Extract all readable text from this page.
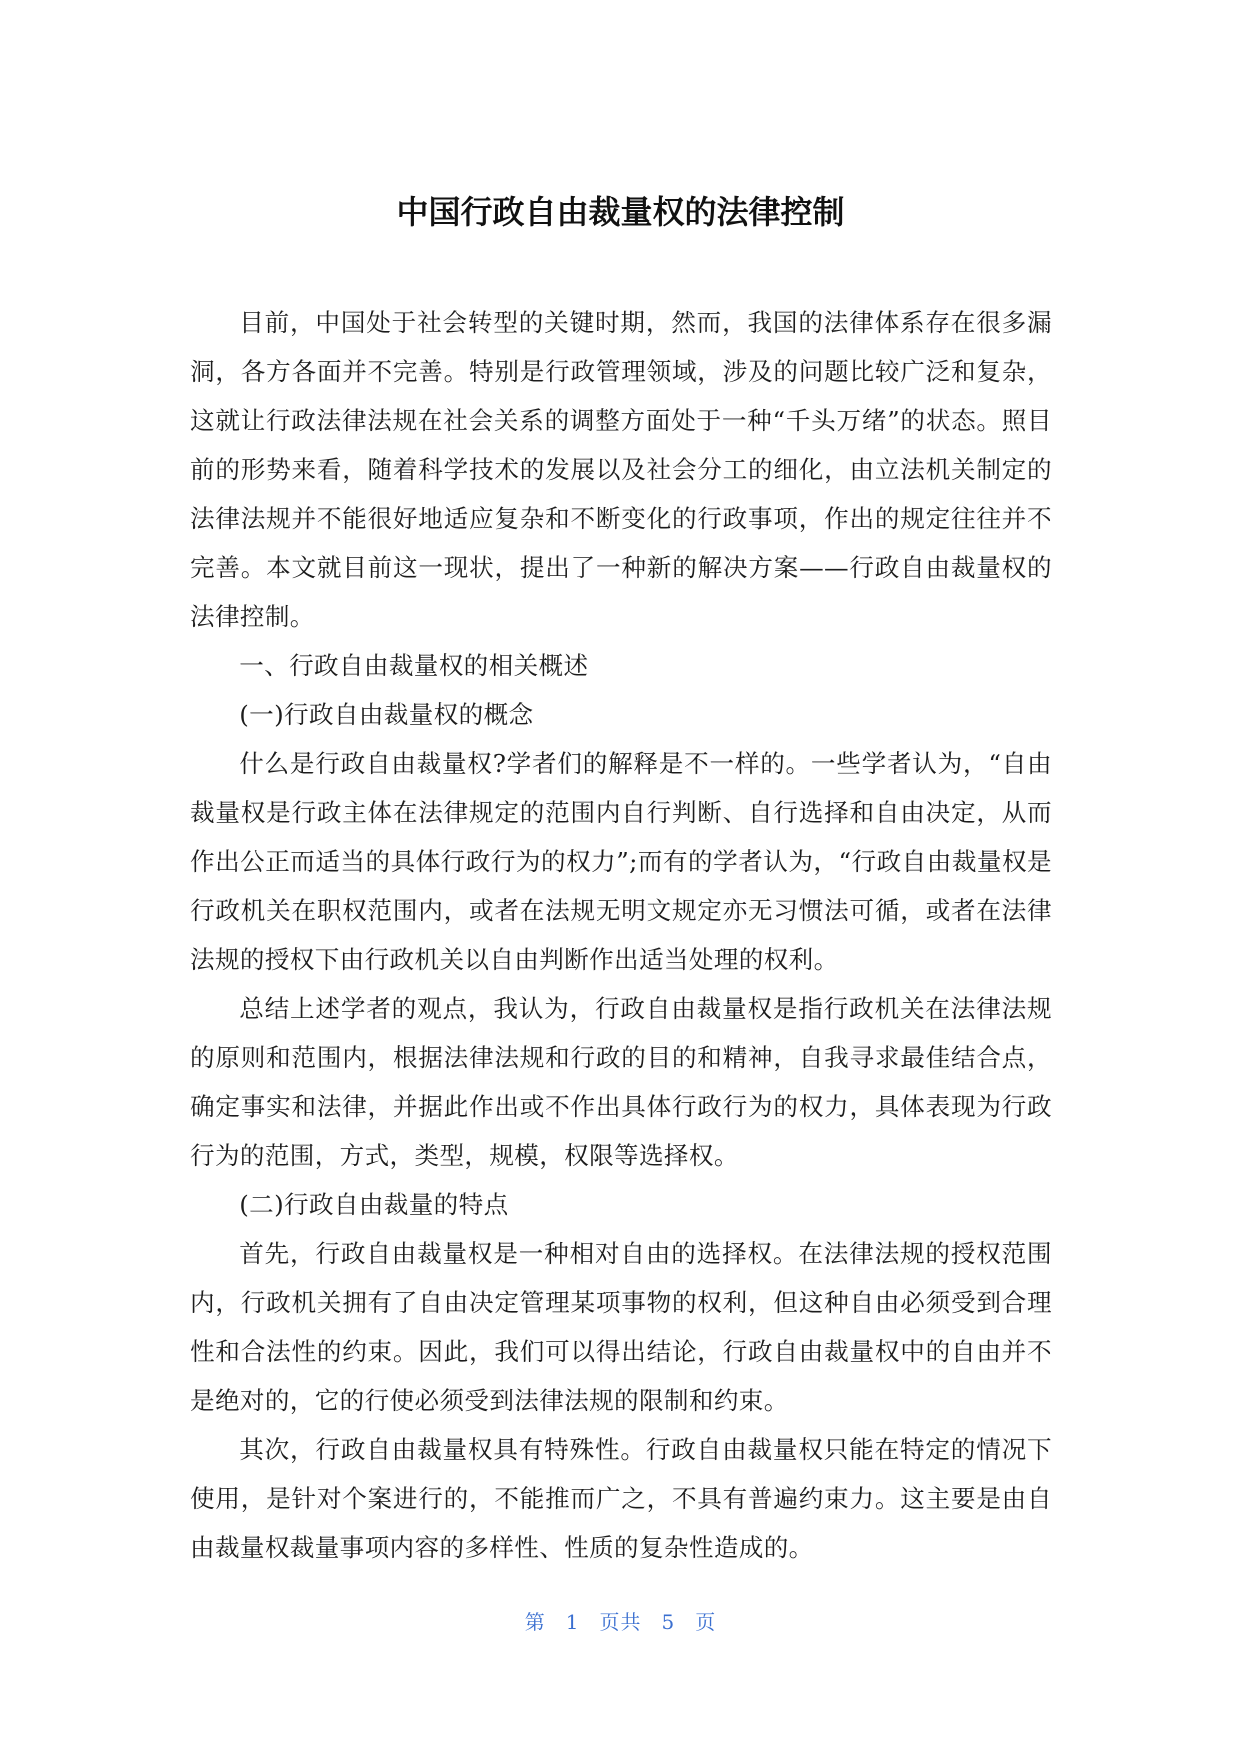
中国行政自由裁量权的法律控制

目前，中国处于社会转型的关键时期，然而，我国的法律体系存在很多漏洞，各方各面并不完善。特别是行政管理领域，涉及的问题比较广泛和复杂，这就让行政法律法规在社会关系的调整方面处于一种“千头万绪”的状态。照目前的形势来看，随着科学技术的发展以及社会分工的细化，由立法机关制定的法律法规并不能很好地适应复杂和不断变化的行政事项，作出的规定往往并不完善。本文就目前这一现状，提出了一种新的解决方案——行政自由裁量权的法律控制。

一、行政自由裁量权的相关概述

(一)行政自由裁量权的概念

什么是行政自由裁量权?学者们的解释是不一样的。一些学者认为，“自由裁量权是行政主体在法律规定的范围内自行判断、自行选择和自由决定，从而作出公正而适当的具体行政行为的权力”;而有的学者认为，“行政自由裁量权是行政机关在职权范围内，或者在法规无明文规定亦无习惯法可循，或者在法律法规的授权下由行政机关以自由判断作出适当处理的权利。

总结上述学者的观点，我认为，行政自由裁量权是指行政机关在法律法规的原则和范围内，根据法律法规和行政的目的和精神，自我寻求最佳结合点，确定事实和法律，并据此作出或不作出具体行政行为的权力，具体表现为行政行为的范围，方式，类型，规模，权限等选择权。

(二)行政自由裁量的特点

首先，行政自由裁量权是一种相对自由的选择权。在法律法规的授权范围内，行政机关拥有了自由决定管理某项事物的权利，但这种自由必须受到合理性和合法性的约束。因此，我们可以得出结论，行政自由裁量权中的自由并不是绝对的，它的行使必须受到法律法规的限制和约束。

其次，行政自由裁量权具有特殊性。行政自由裁量权只能在特定的情况下使用，是针对个案进行的，不能推而广之，不具有普遍约束力。这主要是由自由裁量权裁量事项内容的多样性、性质的复杂性造成的。

第 1 页共 5 页
